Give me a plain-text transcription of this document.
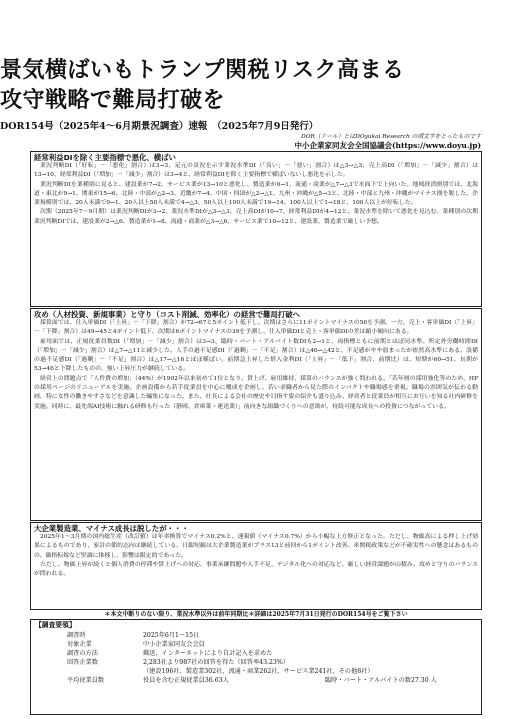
景気横ばいもトランプ関税リスク高まる
攻守戦略で難局打破を
DOR154号（2025年4～6月期景況調査）速報　（2025年7月9日発行）
DOR（ドール）とはDOyukai Research の頭文字をとったものです
中小企業家同友会全国協議会(https://www.doyu.jp)
経常利益DIを除く主要指標で悪化、横ばい

業況判断DI（「好転」－「悪化」割合）は3→3、足元の景況を示す業況水準DI（「良い」－「悪い」割合）は△3→△3、売上高DI（「増加」－「減少」割合）は13→10、経常利益DI（「増加」－「減少」割合）は3→4と、経常利益DIを除く主要指標で横ばいないし悪化を示した。

業況判断DIを業種別に見ると、建設業が7→2、サービス業が13→10と悪化し、製造業が0→1、流通・商業が△7→△3で水面下で上向いた。地域経済圏別では、北海道・東北が9→1、関東が15→6、北陸・中部が△2→3、近畿が7→4、中国・四国が△2→△1、九州・沖縄が△5→3と、北陸・中部と九州・沖縄がマイナス圏を脱した。企業規模別では、20人未満で0→1、20人以上50人未満で4→△3、50人以上100人未満で19→14、100人以上で1→18と、100人以上が好転した。

次期（2025年7～9月期）は業況判断DIが3→2、業況水準DIが△3→△3、売上高DIが10→7、経常利益DIが4→12と、業況水準を除いて悪化を見込む。業種別の次期業況判断DIでは、建設業が2→△6、製造業が1→8、流通・商業が△3→△6、サービス業で10→12と、建設業、製造業で厳しい予想。

攻め（人材投資、新規事業）と守り（コスト削減、効率化）の経営で難局打破へ

採算面では、仕入単価DI（「上昇」－「下降」割合）が72→67と5ポイント低下し、次期はさらに11ポイントマイナスの56を予測。一方、売上・客単価DI（「上昇」－「下降」割合）は49→45と4ポイント低下、次期は6ポイントマイナスの39を予測し、仕入単価DIと売上・客単価DIの差は縮小傾向にある。

雇用面では、正規従業員数DI（「増加」－「減少」割合）は3→3、臨時・パート・アルバイト数DIも2→1と、両指標ともに前期とほぼ同水準。所定外労働時間DI（「増加」－「減少」割合）は△7→△11と減少した。人手の過不足感DI（「過剰」－「不足」割合）は△46→△42と、不足感がやや弱まったが依然高水準にある。設備の過不足感DI（「過剰」－「不足」割合）は△17→△16とほぼ横ばい。前期急上昇した借入金利DI（「上昇」－「低下」割合、前期比）は、短期が60→51、長期が53→46と下降したものの、強い上昇圧力が継続している。

経営上の問題点で「人件費の増加」（44%）が1992年以来初めて1位となり、賃上げ、雇用維持、採算のバランスが強く問われる。「若年層の採用強化等のため、HPの採用ページのリニューアルを実施。企画設備から若手従業員を中心に構成を企画し、若い求職者から見た際のインパクトや職場感を重視。職場の雰囲気が伝わる動画、特に女性の働きやすさなどを意識した編集になった。また、社長による会社の歴史や目指す姿の紹介も盛り込み、経営者と従業員が相互にお互いを知る社内研修を実施。同時に、最先端AI技術に触れる研修も行った（静岡、倉庫業・運送業）」前向きな組織づくりへの意欲が、持続可能な成長への投資につながっている。

大企業製造業、マイナス成長は脱したが・・・

2025年1～3月期の国内総生産（改訂値）は年率換算でマイナス0.2%と、速報値（マイナス0.7%）から小幅な上方修正となった。ただし、物価高による押し上げ効果によるものであり、家計の節約志向は継続している。日銀短観は大企業製造業がプラス13と前回から1ポイント改善、米関税政策などが不確実性への懸念はあるものの、価格転嫁など堅調に推移し、影響は限定的であった。

ただし、物価上昇が続くと個人消費の停滞や賃上げへの対応、事業承継問題や人手不足、デジタル化への対応など、厳しい経営課題が山積み。攻めと守りのバランスが問われる。

＊本文中断りのない限り、業況水準以外は前年同期比＊詳細は2025年7月31日発行のDOR154号をご覧下さい
【調査要領】
調査時	2025年6月1～15日
対象企業	中小企業家同友会会員
調査の方法	郵送、インターネットにより自計記入を求めた
回答企業数	2,283社より987社の回答を得た（回答率43.23%）
（建設196社、製造業302社、流通・商業262社、サービス業241社、その他8社）
平均従業員数	役員を含む正規従業員36.63人	臨時・パート・アルバイトの数27.30 人
